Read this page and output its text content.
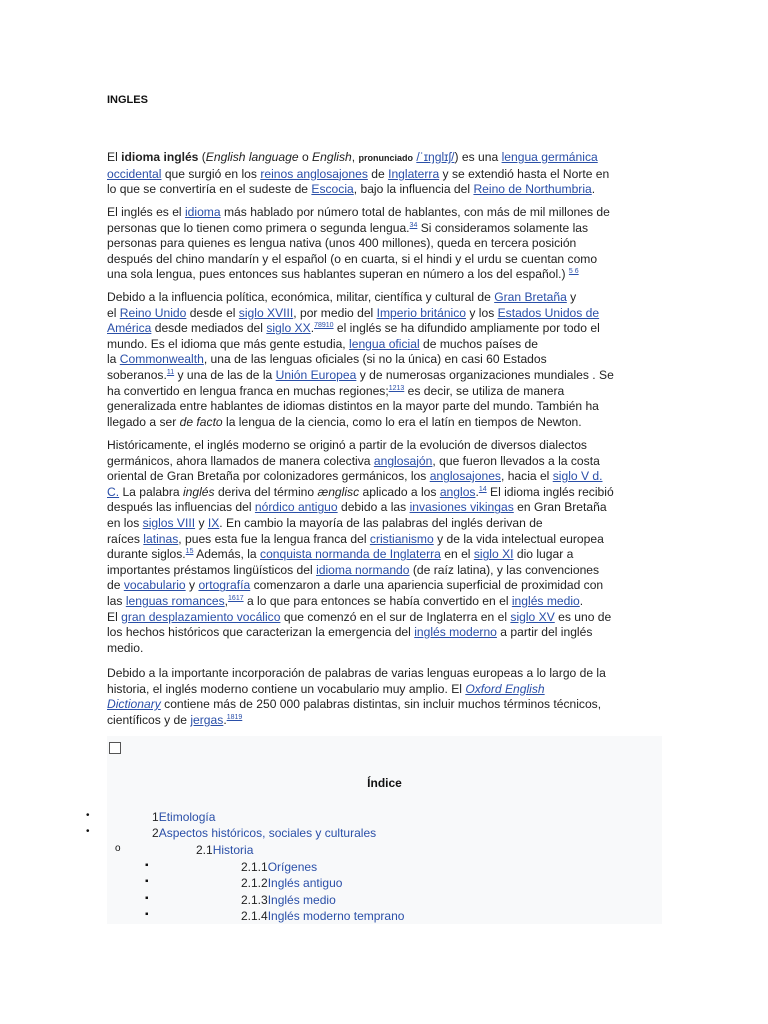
INGLES
El idioma inglés (English language o English, pronunciado /ˈɪŋɡlɪʃ/) es una lengua germánica
occidental que surgió en los reinos anglosajones de Inglaterra y se extendió hasta el Norte en
lo que se convertiría en el sudeste de Escocia, bajo la influencia del Reino de Northumbria.
El inglés es el idioma más hablado por número total de hablantes, con más de mil millones de
personas que lo tienen como primera o segunda lengua.$^{34}$ Si consideramos solamente las
personas para quienes es lengua nativa (unos 400 millones), queda en tercera posición
después del chino mandarín y el español (o en cuarta, si el hindi y el urdu se cuentan como
una sola lengua, pues entonces sus hablantes superan en número a los del español.) $^{5 6}$
Debido a la influencia política, económica, militar, científica y cultural de Gran Bretaña y
el Reino Unido desde el siglo XVIII, por medio del Imperio británico y los Estados Unidos de
América desde mediados del siglo XX.$^{78910}$ el inglés se ha difundido ampliamente por todo el
mundo. Es el idioma que más gente estudia, lengua oficial de muchos países de
la Commonwealth, una de las lenguas oficiales (si no la única) en casi 60 Estados
soberanos.$^{11}$ y una de las de la Unión Europea y de numerosas organizaciones mundiales . Se
ha convertido en lengua franca en muchas regiones;$^{1213}$ es decir, se utiliza de manera
generalizada entre hablantes de idiomas distintos en la mayor parte del mundo. También ha
llegado a ser de facto la lengua de la ciencia, como lo era el latín en tiempos de Newton.
Históricamente, el inglés moderno se originó a partir de la evolución de diversos dialectos
germánicos, ahora llamados de manera colectiva anglosajón, que fueron llevados a la costa
oriental de Gran Bretaña por colonizadores germánicos, los anglosajones, hacia el siglo V d.
C. La palabra inglés deriva del término ænglisc aplicado a los anglos.$^{14}$ El idioma inglés recibió
después las influencias del nórdico antiguo debido a las invasiones vikingas en Gran Bretaña
en los siglos VIII y IX. En cambio la mayoría de las palabras del inglés derivan de
raíces latinas, pues esta fue la lengua franca del cristianismo y de la vida intelectual europea
durante siglos.$^{15}$ Además, la conquista normanda de Inglaterra en el siglo XI dio lugar a
importantes préstamos lingüísticos del idioma normando (de raíz latina), y las convenciones
de vocabulario y ortografía comenzaron a darle una apariencia superficial de proximidad con
las lenguas romances,$^{1617}$ a lo que para entonces se había convertido en el inglés medio.
El gran desplazamiento vocálico que comenzó en el sur de Inglaterra en el siglo XV es uno de
los hechos históricos que caracterizan la emergencia del inglés moderno a partir del inglés
medio.
Debido a la importante incorporación de palabras de varias lenguas europeas a lo largo de la
historia, el inglés moderno contiene un vocabulario muy amplio. El Oxford English
Dictionary contiene más de 250 000 palabras distintas, sin incluir muchos términos técnicos,
científicos y de jergas.$^{1819}$
Índice
•	1Etimología
•	2Aspectos históricos, sociales y culturales
o	2.1Historia
▪	2.1.1Orígenes
▪	2.1.2Inglés antiguo
▪	2.1.3Inglés medio
▪	2.1.4Inglés moderno temprano
